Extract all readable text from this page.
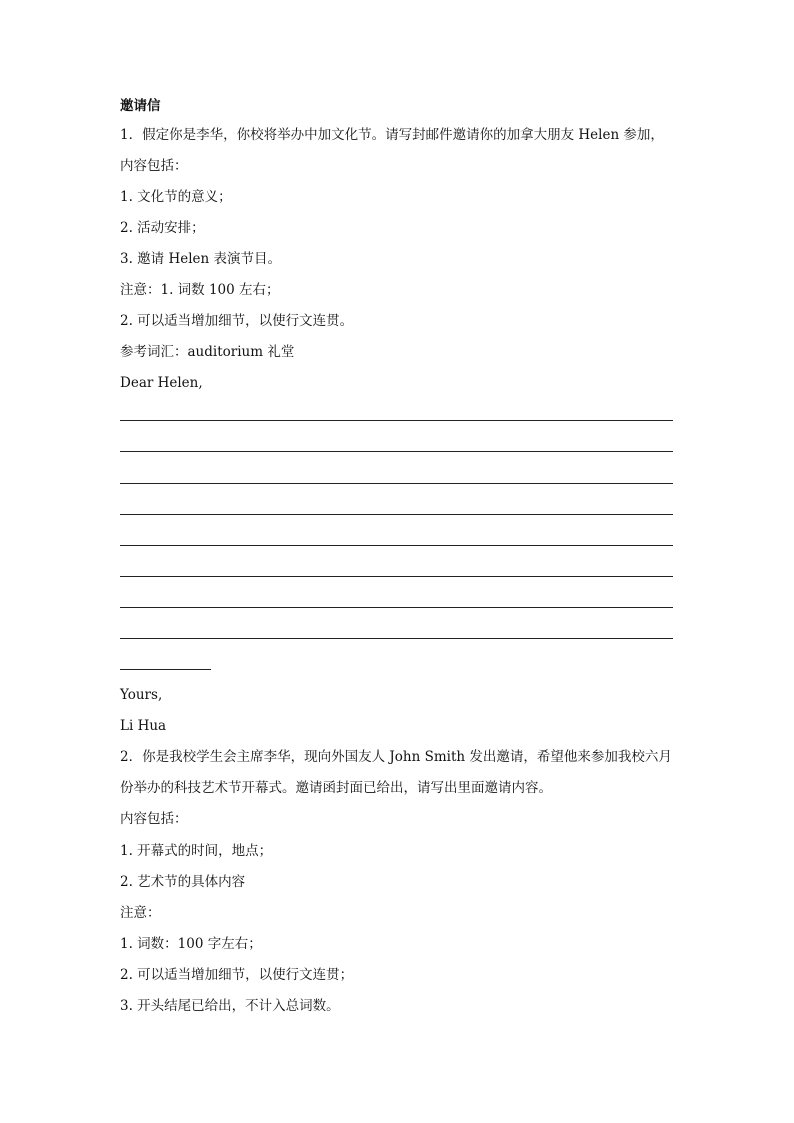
邀请信
1．假定你是李华，你校将举办中加文化节。请写封邮件邀请你的加拿大朋友 Helen 参加，
内容包括：
1. 文化节的意义；
2. 活动安排；
3. 邀请 Helen 表演节目。
注意：1. 词数 100 左右；
2. 可以适当增加细节，以使行文连贯。
参考词汇：auditorium 礼堂
Dear Helen,
Yours,
Li Hua
2．你是我校学生会主席李华，现向外国友人 John Smith 发出邀请，希望他来参加我校六月
份举办的科技艺术节开幕式。邀请函封面已给出，请写出里面邀请内容。
内容包括：
1. 开幕式的时间，地点；
2. 艺术节的具体内容
注意：
1. 词数：100 字左右；
2. 可以适当增加细节，以使行文连贯；
3. 开头结尾已给出，不计入总词数。
